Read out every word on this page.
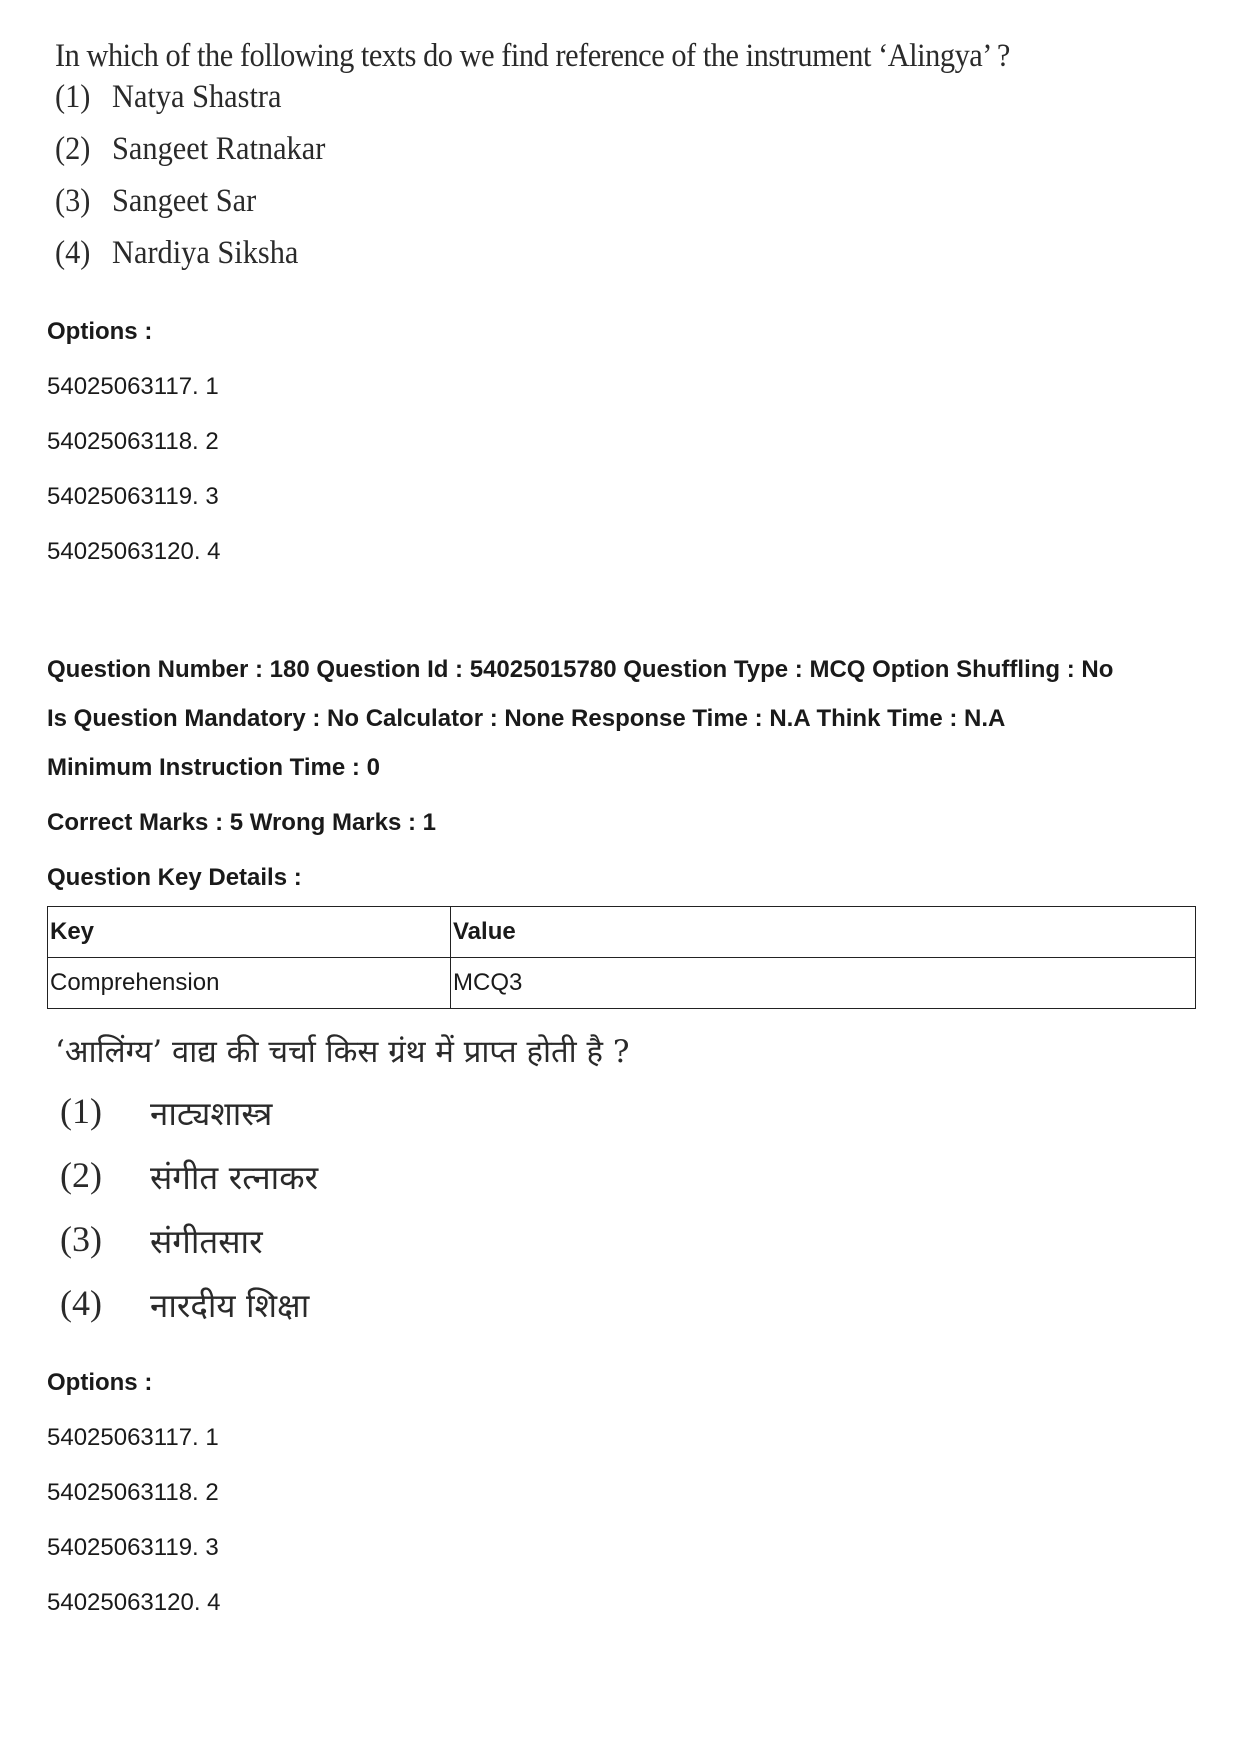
In which of the following texts do we find reference of the instrument ‘Alingya’ ?
(1) Natya Shastra
(2) Sangeet Ratnakar
(3) Sangeet Sar
(4) Nardiya Siksha
Options :
54025063117. 1
54025063118. 2
54025063119. 3
54025063120. 4
Question Number : 180 Question Id : 54025015780 Question Type : MCQ Option Shuffling : No
Is Question Mandatory : No Calculator : None Response Time : N.A Think Time : N.A
Minimum Instruction Time : 0
Correct Marks : 5 Wrong Marks : 1
Question Key Details :
Key	Value
Comprehension	MCQ3
‘आलिंग्य’ वाद्य की चर्चा किस ग्रंथ में प्राप्त होती है ?
(1) नाट्यशास्त्र
(2) संगीत रत्नाकर
(3) संगीतसार
(4) नारदीय शिक्षा
Options :
54025063117. 1
54025063118. 2
54025063119. 3
54025063120. 4
